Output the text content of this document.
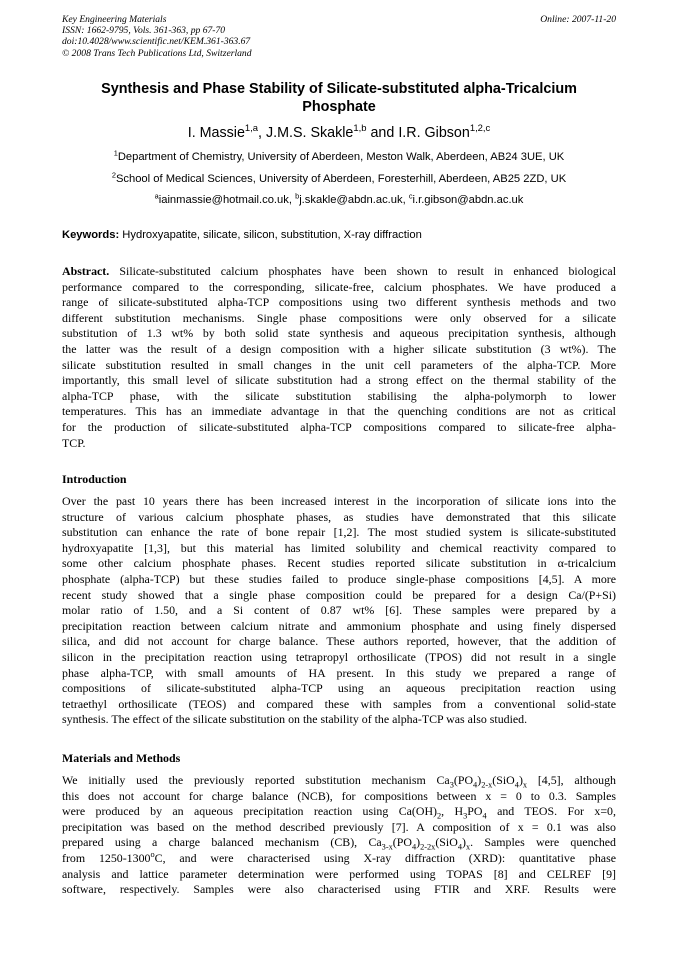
Key Engineering Materials
ISSN: 1662-9795, Vols. 361-363, pp 67-70
doi:10.4028/www.scientific.net/KEM.361-363.67
© 2008 Trans Tech Publications Ltd, Switzerland
Online: 2007-11-20
Synthesis and Phase Stability of Silicate-substituted alpha-Tricalcium
Phosphate
I. Massie$^{1,a}$, J.M.S. Skakle$^{1,b}$ and I.R. Gibson$^{1,2,c}$
$^1$Department of Chemistry, University of Aberdeen, Meston Walk, Aberdeen, AB24 3UE, UK
$^2$School of Medical Sciences, University of Aberdeen, Foresterhill, Aberdeen, AB25 2ZD, UK
$^a$iainmassie@hotmail.co.uk, $^b$j.skakle@abdn.ac.uk, $^c$i.r.gibson@abdn.ac.uk
Keywords: Hydroxyapatite, silicate, silicon, substitution, X-ray diffraction
Abstract. Silicate-substituted calcium phosphates have been shown to result in enhanced biological
performance compared to the corresponding, silicate-free, calcium phosphates. We have produced a
range of silicate-substituted alpha-TCP compositions using two different synthesis methods and two
different substitution mechanisms. Single phase compositions were only observed for a silicate
substitution of 1.3 wt% by both solid state synthesis and aqueous precipitation synthesis, although
the latter was the result of a design composition with a higher silicate substitution (3 wt%). The
silicate substitution resulted in small changes in the unit cell parameters of the alpha-TCP. More
importantly, this small level of silicate substitution had a strong effect on the thermal stability of the
alpha-TCP phase, with the silicate substitution stabilising the alpha-polymorph to lower
temperatures. This has an immediate advantage in that the quenching conditions are not as critical
for the production of silicate-substituted alpha-TCP compositions compared to silicate-free alpha-
TCP.
Introduction
Over the past 10 years there has been increased interest in the incorporation of silicate ions into the
structure of various calcium phosphate phases, as studies have demonstrated that this silicate
substitution can enhance the rate of bone repair [1,2]. The most studied system is silicate-substituted
hydroxyapatite [1,3], but this material has limited solubility and chemical reactivity compared to
some other calcium phosphate phases. Recent studies reported silicate substitution in α-tricalcium
phosphate (alpha-TCP) but these studies failed to produce single-phase compositions [4,5]. A more
recent study showed that a single phase composition could be prepared for a design Ca/(P+Si)
molar ratio of 1.50, and a Si content of 0.87 wt% [6]. These samples were prepared by a
precipitation reaction between calcium nitrate and ammonium phosphate and using finely dispersed
silica, and did not account for charge balance. These authors reported, however, that the addition of
silicon in the precipitation reaction using tetrapropyl orthosilicate (TPOS) did not result in a single
phase alpha-TCP, with small amounts of HA present. In this study we prepared a range of
compositions of silicate-substituted alpha-TCP using an aqueous precipitation reaction using
tetraethyl orthosilicate (TEOS) and compared these with samples from a conventional solid-state
synthesis. The effect of the silicate substitution on the stability of the alpha-TCP was also studied.
Materials and Methods
We initially used the previously reported substitution mechanism $Ca_3(PO_4)_{2-x}(SiO_4)_x$ [4,5], although
this does not account for charge balance (NCB), for compositions between x = 0 to 0.3. Samples
were produced by an aqueous precipitation reaction using $Ca(OH)_2$, $H_3PO_4$ and TEOS. For x=0,
precipitation was based on the method described previously [7]. A composition of x = 0.1 was also
prepared using a charge balanced mechanism (CB), $Ca_{3-x}(PO_4)_{2-2x}(SiO_4)_x$. Samples were quenched
from 1250-1300$^o$C, and were characterised using X-ray diffraction (XRD): quantitative phase
analysis and lattice parameter determination were performed using TOPAS [8] and CELREF [9]
software, respectively. Samples were also characterised using FTIR and XRF. Results were
